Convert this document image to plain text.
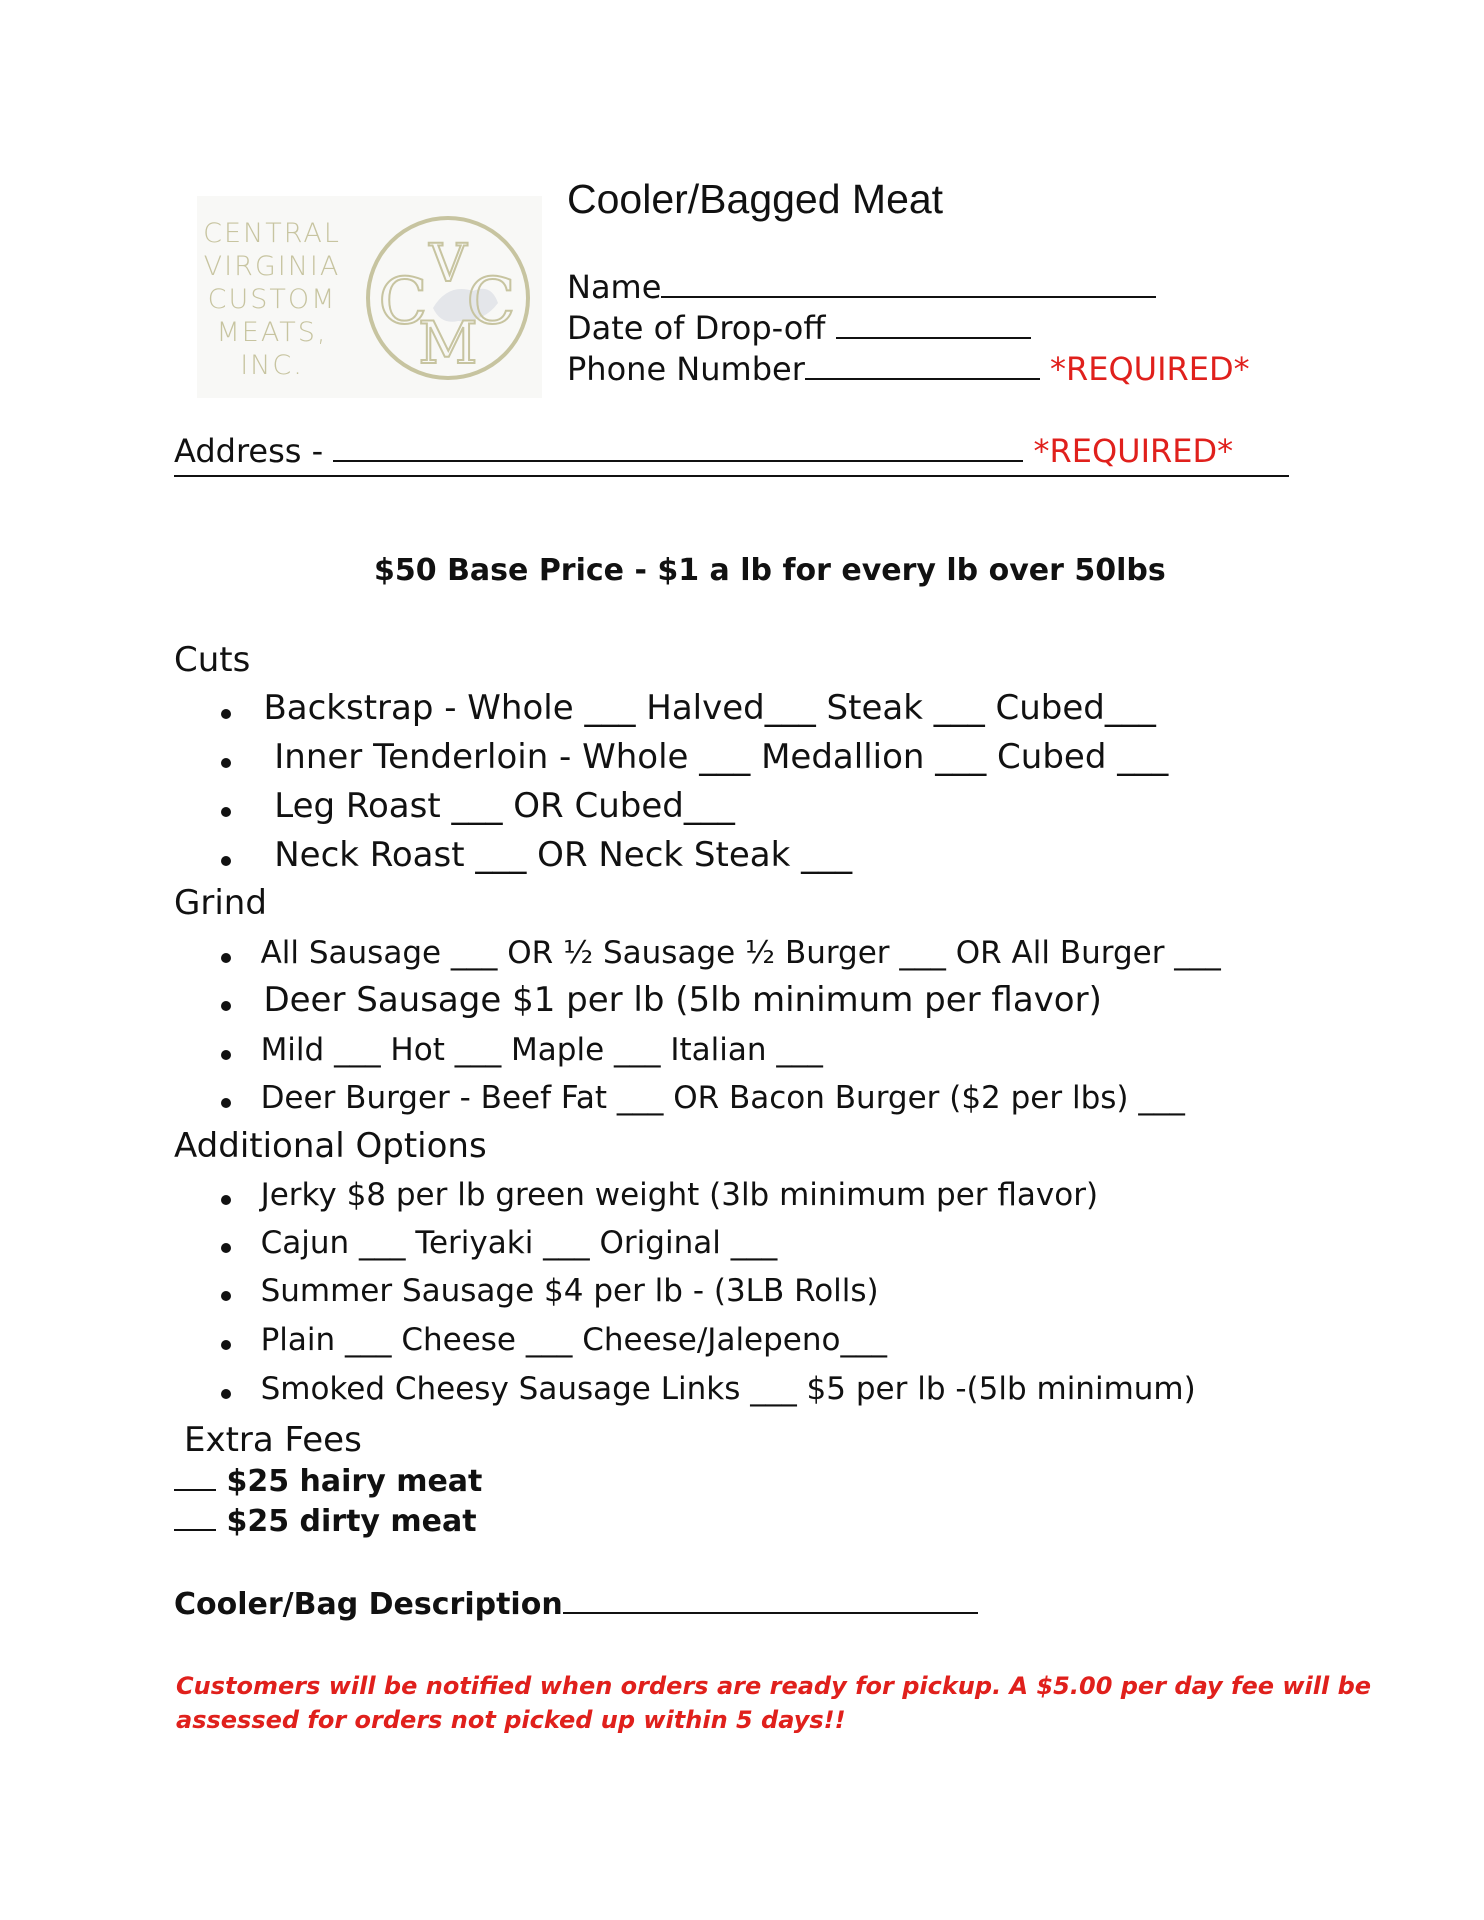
CENTRAL
VIRGINIA
CUSTOM
MEATS,
INC.
V
C C
M
Cooler/Bagged Meat
Name
Date of Drop-off
Phone Number	*REQUIRED*
Address -	*REQUIRED*
$50 Base Price - $1 a lb for every lb over 50lbs
Cuts
Backstrap - Whole ___ Halved___ Steak ___ Cubed___
Inner Tenderloin - Whole ___ Medallion ___ Cubed ___
Leg Roast ___ OR Cubed___
Neck Roast ___ OR Neck Steak ___
Grind
All Sausage ___ OR ½ Sausage ½ Burger ___ OR All Burger ___
Deer Sausage $1 per lb (5lb minimum per flavor)
Mild ___ Hot ___ Maple ___ Italian ___
Deer Burger - Beef Fat ___ OR Bacon Burger ($2 per lbs) ___
Additional Options
Jerky $8 per lb green weight (3lb minimum per flavor)
Cajun ___ Teriyaki ___ Original ___
Summer Sausage $4 per lb - (3LB Rolls)
Plain ___ Cheese ___ Cheese/Jalepeno___
Smoked Cheesy Sausage Links ___ $5 per lb -(5lb minimum)
Extra Fees
$25 hairy meat
$25 dirty meat
Cooler/Bag Description
Customers will be notified when orders are ready for pickup. A $5.00 per day fee will be
assessed for orders not picked up within 5 days!!
